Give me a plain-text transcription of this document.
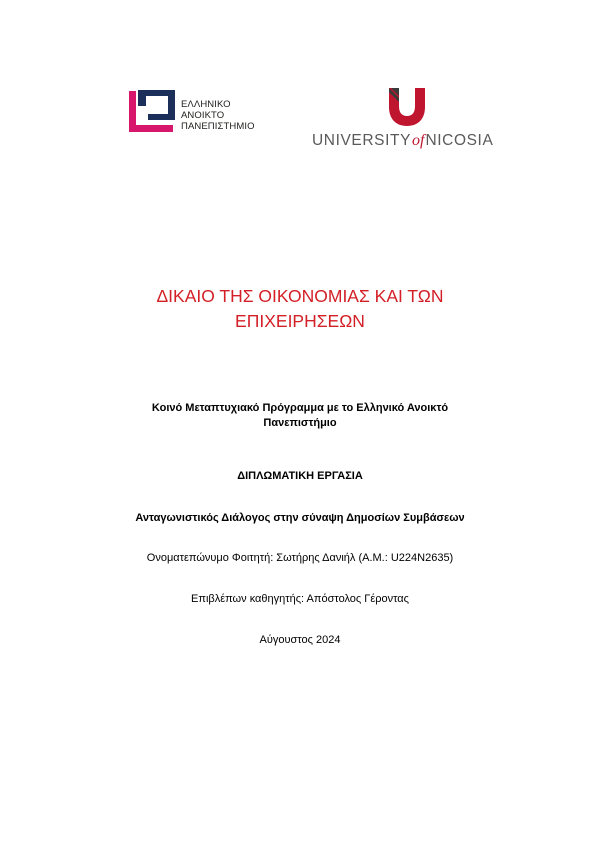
ΕΛΛΗΝΙΚΟ
ΑΝΟΙΚΤΟ
ΠΑΝΕΠΙΣΤΗΜΙΟ
UNIVERSITYofNICOSIA
ΔΙΚΑΙΟ ΤΗΣ ΟΙΚΟΝΟΜΙΑΣ ΚΑΙ ΤΩΝ
ΕΠΙΧΕΙΡΗΣΕΩΝ
Κοινό Μεταπτυχιακό Πρόγραμμα με το Ελληνικό Ανοικτό
Πανεπιστήμιο
ΔΙΠΛΩΜΑΤΙΚΗ ΕΡΓΑΣΙΑ
Ανταγωνιστικός Διάλογος στην σύναψη Δημοσίων Συμβάσεων
Ονοματεπώνυμο Φοιτητή: Σωτήρης Δανιήλ (Α.Μ.: U224N2635)
Επιβλέπων καθηγητής: Απόστολος Γέροντας
Αύγουστος 2024
